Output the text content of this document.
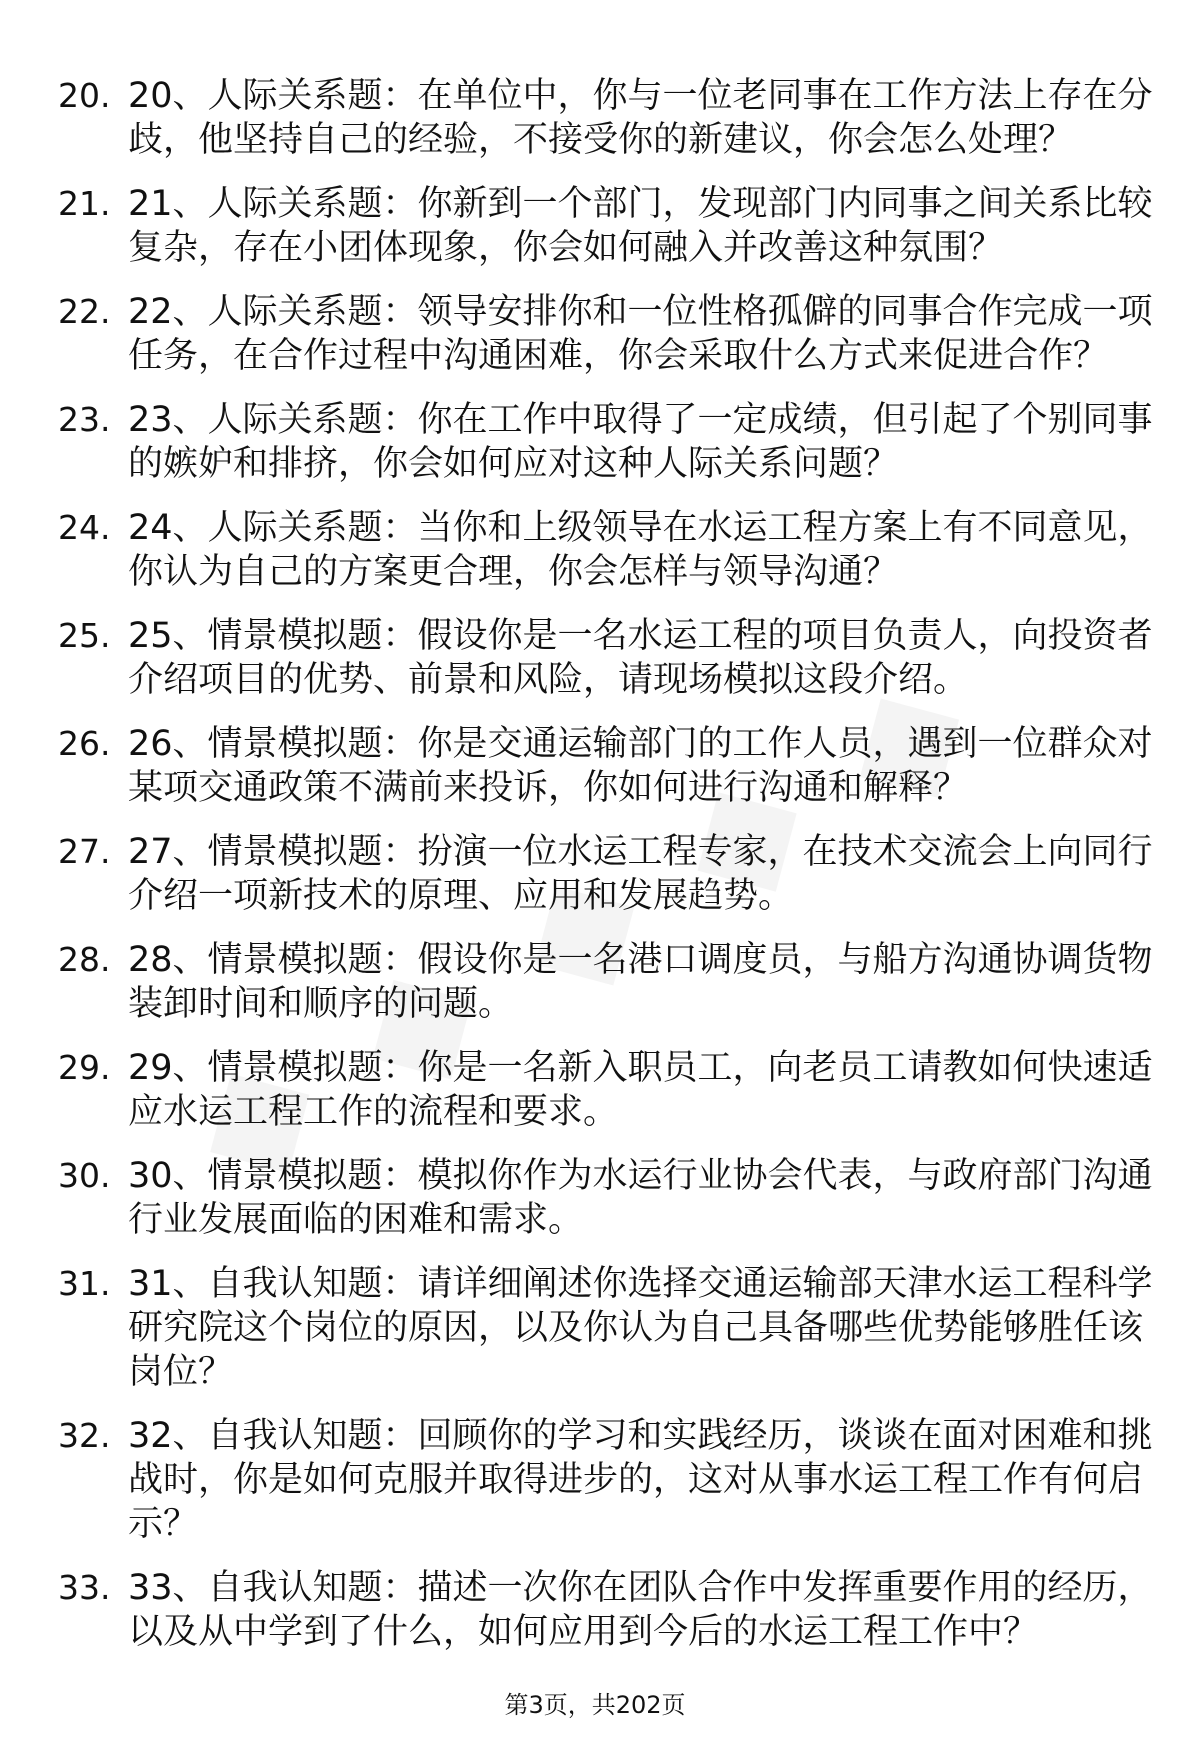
20. 20、人际关系题：在单位中，你与一位老同事在工作方法上存在分歧，他坚持自己的经验，不接受你的新建议，你会怎么处理？
21. 21、人际关系题：你新到一个部门，发现部门内同事之间关系比较复杂，存在小团体现象，你会如何融入并改善这种氛围？
22. 22、人际关系题：领导安排你和一位性格孤僻的同事合作完成一项任务，在合作过程中沟通困难，你会采取什么方式来促进合作？
23. 23、人际关系题：你在工作中取得了一定成绩，但引起了个别同事的嫉妒和排挤，你会如何应对这种人际关系问题？
24. 24、人际关系题：当你和上级领导在水运工程方案上有不同意见，你认为自己的方案更合理，你会怎样与领导沟通？
25. 25、情景模拟题：假设你是一名水运工程的项目负责人，向投资者介绍项目的优势、前景和风险，请现场模拟这段介绍。
26. 26、情景模拟题：你是交通运输部门的工作人员，遇到一位群众对某项交通政策不满前来投诉，你如何进行沟通和解释？
27. 27、情景模拟题：扮演一位水运工程专家，在技术交流会上向同行介绍一项新技术的原理、应用和发展趋势。
28. 28、情景模拟题：假设你是一名港口调度员，与船方沟通协调货物装卸时间和顺序的问题。
29. 29、情景模拟题：你是一名新入职员工，向老员工请教如何快速适应水运工程工作的流程和要求。
30. 30、情景模拟题：模拟你作为水运行业协会代表，与政府部门沟通行业发展面临的困难和需求。
31. 31、自我认知题：请详细阐述你选择交通运输部天津水运工程科学研究院这个岗位的原因，以及你认为自己具备哪些优势能够胜任该岗位？
32. 32、自我认知题：回顾你的学习和实践经历，谈谈在面对困难和挑战时，你是如何克服并取得进步的，这对从事水运工程工作有何启示？
33. 33、自我认知题：描述一次你在团队合作中发挥重要作用的经历，以及从中学到了什么，如何应用到今后的水运工程工作中？
第3页，共202页
